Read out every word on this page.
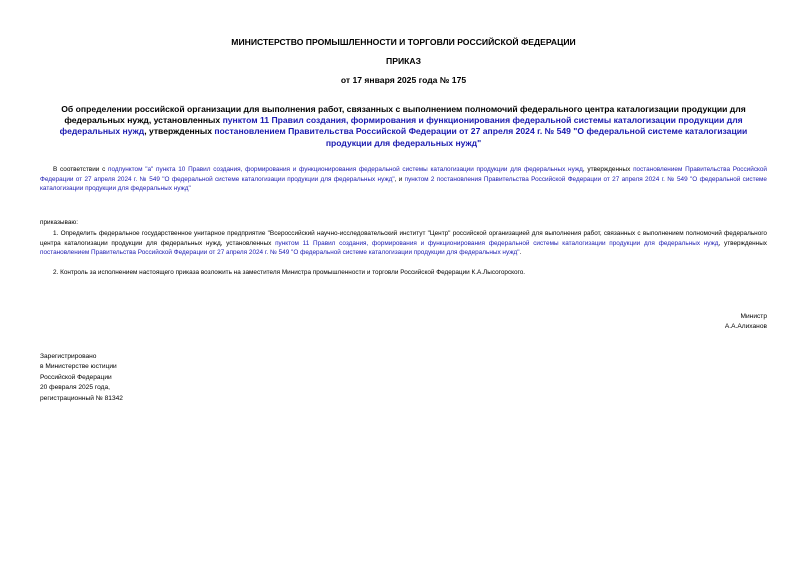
МИНИСТЕРСТВО ПРОМЫШЛЕННОСТИ И ТОРГОВЛИ РОССИЙСКОЙ ФЕДЕРАЦИИ
ПРИКАЗ
от 17 января 2025 года № 175
Об определении российской организации для выполнения работ, связанных с выполнением полномочий федерального центра каталогизации продукции для федеральных нужд, установленных пунктом 11 Правил создания, формирования и функционирования федеральной системы каталогизации продукции для федеральных нужд, утвержденных постановлением Правительства Российской Федерации от 27 апреля 2024 г. № 549 "О федеральной системе каталогизации продукции для федеральных нужд"
В соответствии с подпунктом "а" пункта 10 Правил создания, формирования и функционирования федеральной системы каталогизации продукции для федеральных нужд, утвержденных постановлением Правительства Российской Федерации от 27 апреля 2024 г. № 549 "О федеральной системе каталогизации продукции для федеральных нужд", и пунктом 2 постановления Правительства Российской Федерации от 27 апреля 2024 г. № 549 "О федеральной системе каталогизации продукции для федеральных нужд"
приказываю:
1. Определить федеральное государственное унитарное предприятие "Всероссийский научно-исследовательский институт "Центр" российской организацией для выполнения работ, связанных с выполнением полномочий федерального центра каталогизации продукции для федеральных нужд, установленных пунктом 11 Правил создания, формирования и функционирования федеральной системы каталогизации продукции для федеральных нужд, утвержденных постановлением Правительства Российской Федерации от 27 апреля 2024 г. № 549 "О федеральной системе каталогизации продукции для федеральных нужд".
2. Контроль за исполнением настоящего приказа возложить на заместителя Министра промышленности и торговли Российской Федерации К.А.Лысогорского.
Министр
А.А.Алиханов
Зарегистрировано
в Министерстве юстиции
Российской Федерации
20 февраля 2025 года,
регистрационный № 81342
